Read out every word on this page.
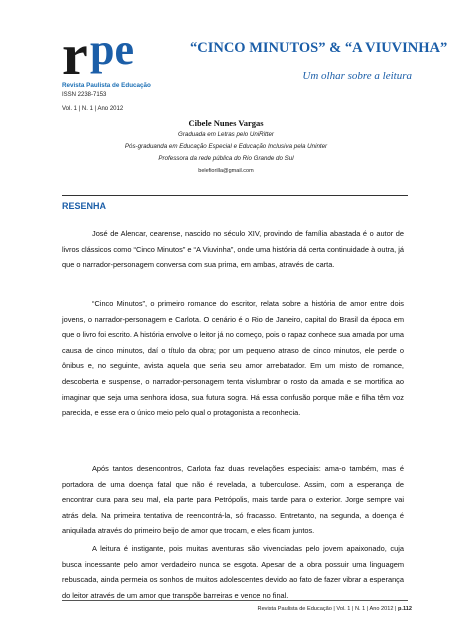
r pe
Revista Paulista de Educação
ISSN 2238-7153
Vol. 1 | N. 1 | Ano 2012
“CINCO MINUTOS” & “A VIUVINHA”
Um olhar sobre a leitura
Cibele Nunes Vargas
Graduada em Letras pelo UniRitter
Pós-graduanda em Educação Especial e Educação Inclusiva pela Uninter
Professora da rede pública do Rio Grande do Sul
belefiorilla@gmail.com
RESENHA

José de Alencar, cearense, nascido no século XIV, provindo de família abastada é o autor de livros clássicos como “Cinco Minutos” e “A Viuvinha”, onde uma história dá certa continuidade à outra, já que o narrador-personagem conversa com sua prima, em ambas, através de carta.

“Cinco Minutos”, o primeiro romance do escritor, relata sobre a história de amor entre dois jovens, o narrador-personagem e Carlota. O cenário é o Rio de Janeiro, capital do Brasil da época em que o livro foi escrito. A história envolve o leitor já no começo, pois o rapaz conhece sua amada por uma causa de cinco minutos, daí o título da obra; por um pequeno atraso de cinco minutos, ele perde o ônibus e, no seguinte, avista aquela que seria seu amor arrebatador. Em um misto de romance, descoberta e suspense, o narrador-personagem tenta vislumbrar o rosto da amada e se mortifica ao imaginar que seja uma senhora idosa, sua futura sogra. Há essa confusão porque mãe e filha têm voz parecida, e esse era o único meio pelo qual o protagonista a reconhecia.

Após tantos desencontros, Carlota faz duas revelações especiais: ama-o também, mas é portadora de uma doença fatal que não é revelada, a tuberculose. Assim, com a esperança de encontrar cura para seu mal, ela parte para Petrópolis, mais tarde para o exterior. Jorge sempre vai atrás dela. Na primeira tentativa de reencontrá-la, só fracasso. Entretanto, na segunda, a doença é aniquilada através do primeiro beijo de amor que trocam, e eles ficam juntos.

A leitura é instigante, pois muitas aventuras são vivenciadas pelo jovem apaixonado, cuja busca incessante pelo amor verdadeiro nunca se esgota. Apesar de a obra possuir uma linguagem rebuscada, ainda permeia os sonhos de muitos adolescentes devido ao fato de fazer vibrar a esperança do leitor através de um amor que transpõe barreiras e vence no final.

Revista Paulista de Educação | Vol. 1 | N. 1 | Ano 2012 | p.112
